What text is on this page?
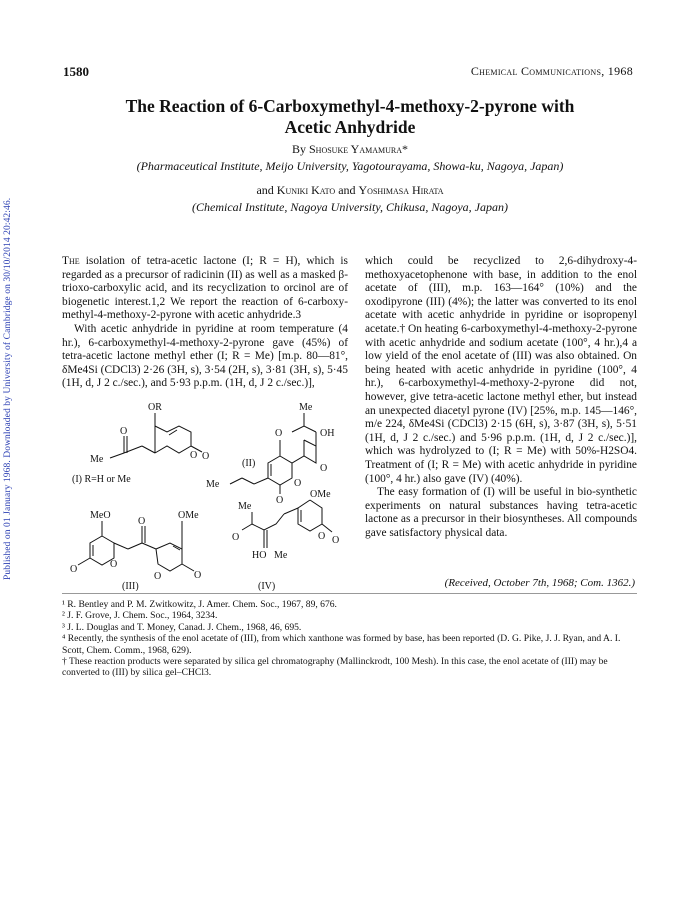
Published on 01 January 1968. Downloaded by University of Cambridge on 30/10/2014 20:42:46.
1580	Chemical Communications, 1968
The Reaction of 6-Carboxymethyl-4-methoxy-2-pyrone with
Acetic Anhydride
By Shosuke Yamamura*
(Pharmaceutical Institute, Meijo University, Yagotourayama, Showa-ku, Nagoya, Japan)
and Kuniki Kato and Yoshimasa Hirata
(Chemical Institute, Nagoya University, Chikusa, Nagoya, Japan)

The isolation of tetra-acetic lactone (I; R = H), which is regarded as a precursor of radicinin (II) as well as a masked β-trioxo-carboxylic acid, and its recyclization to orcinol are of biogenetic interest.1,2 We report the reaction of 6-carboxy-methyl-4-methoxy-2-pyrone with acetic anhydride.3

With acetic anhydride in pyridine at room temperature (4 hr.), 6-carboxymethyl-4-methoxy-2-pyrone gave (45%) of tetra-acetic lactone methyl ether (I; R = Me) [m.p. 80—81°, δMe4Si (CDCl3) 2·26 (3H, s), 3·54 (2H, s), 3·81 (3H, s), 5·45 (1H, d, J 2 c./sec.), and 5·93 p.p.m. (1H, d, J 2 c./sec.)],

OR
O O
O
Me
(I) R=H or Me
Me
OH
O
O
O
O
Me
(II)
MeO
O
O
O
OMe
O	O
(III)
OMe
O O
Me
O
HO Me
(IV)

which could be recyclized to 2,6-dihydroxy-4-methoxyacetophenone with base, in addition to the enol acetate of (III), m.p. 163—164° (10%) and the oxodipyrone (III) (4%); the latter was converted to its enol acetate with acetic anhydride in pyridine or isopropenyl acetate.† On heating 6-carboxymethyl-4-methoxy-2-pyrone with acetic anhydride and sodium acetate (100°, 4 hr.),4 a low yield of the enol acetate of (III) was also obtained. On being heated with acetic anhydride in pyridine (100°, 4 hr.), 6-carboxymethyl-4-methoxy-2-pyrone did not, however, give tetra-acetic lactone methyl ether, but instead an unexpected diacetyl pyrone (IV) [25%, m.p. 145—146°, m/e 224, δMe4Si (CDCl3) 2·15 (6H, s), 3·87 (3H, s), 5·51 (1H, d, J 2 c./sec.) and 5·96 p.p.m. (1H, d, J 2 c./sec.)], which was hydrolyzed to (I; R = Me) with 50%-H2SO4. Treatment of (I; R = Me) with acetic anhydride in pyridine (100°, 4 hr.) also gave (IV) (40%).

The easy formation of (I) will be useful in bio-synthetic experiments on natural substances having tetra-acetic lactone as a precursor in their biosyntheses. All compounds gave satisfactory physical data.

(Received, October 7th, 1968; Com. 1362.)

¹ R. Bentley and P. M. Zwitkowitz, J. Amer. Chem. Soc., 1967, 89, 676.

² J. F. Grove, J. Chem. Soc., 1964, 3234.

³ J. L. Douglas and T. Money, Canad. J. Chem., 1968, 46, 695.

⁴ Recently, the synthesis of the enol acetate of (III), from which xanthone was formed by base, has been reported (D. G. Pike, J. J. Ryan, and A. I. Scott, Chem. Comm., 1968, 629).

† These reaction products were separated by silica gel chromatography (Mallinckrodt, 100 Mesh). In this case, the enol acetate of (III) may be converted to (III) by silica gel–CHCl3.
